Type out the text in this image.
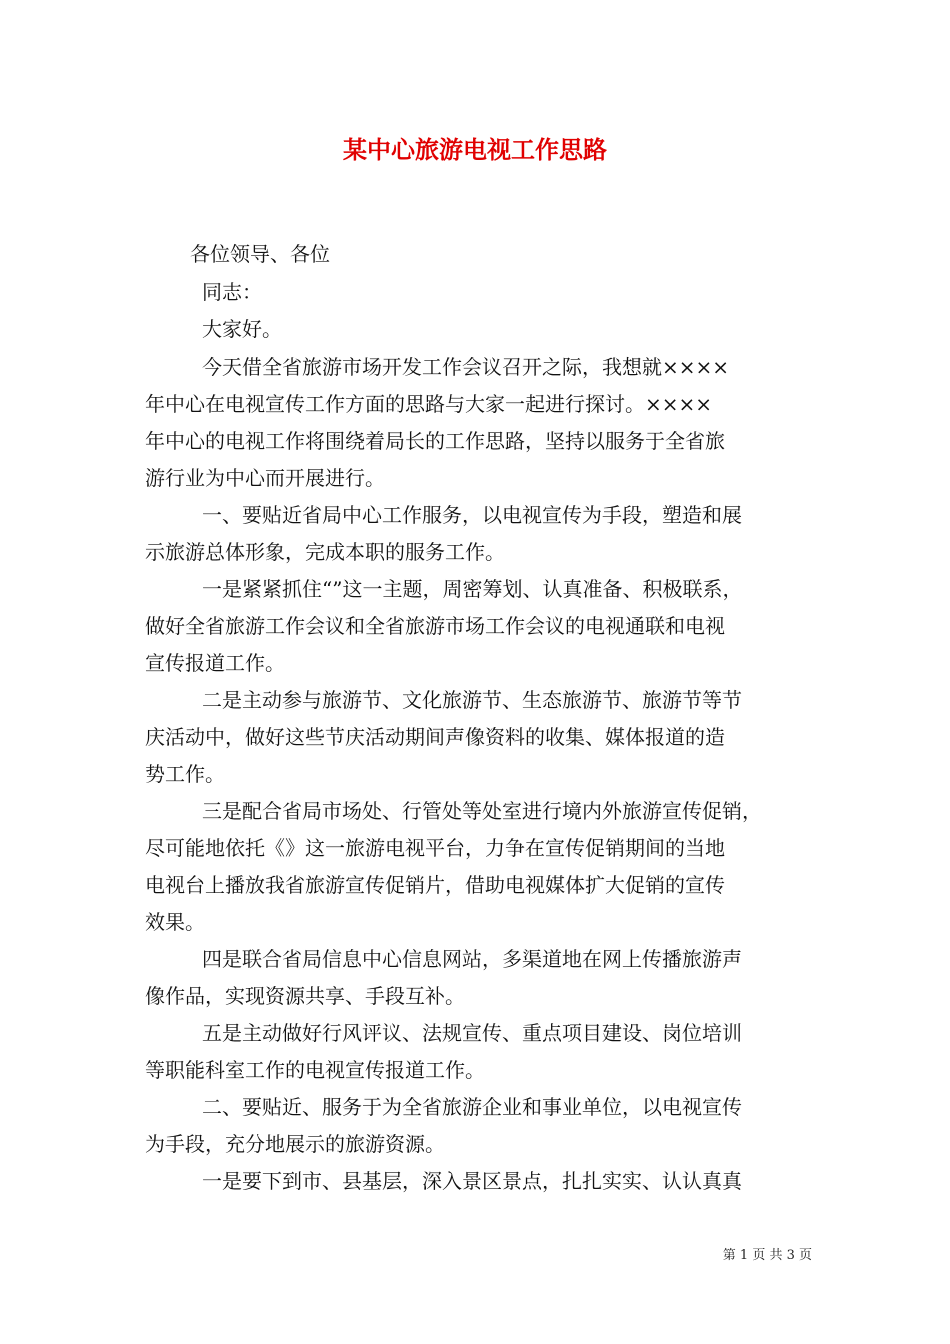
某中心旅游电视工作思路
各位领导、各位
同志：
大家好。
今天借全省旅游市场开发工作会议召开之际，我想就××××
年中心在电视宣传工作方面的思路与大家一起进行探讨。××××
年中心的电视工作将围绕着局长的工作思路，坚持以服务于全省旅
游行业为中心而开展进行。
一、要贴近省局中心工作服务，以电视宣传为手段，塑造和展
示旅游总体形象，完成本职的服务工作。
一是紧紧抓住“”这一主题，周密筹划、认真准备、积极联系，
做好全省旅游工作会议和全省旅游市场工作会议的电视通联和电视
宣传报道工作。
二是主动参与旅游节、文化旅游节、生态旅游节、旅游节等节
庆活动中，做好这些节庆活动期间声像资料的收集、媒体报道的造
势工作。
三是配合省局市场处、行管处等处室进行境内外旅游宣传促销，
尽可能地依托《》这一旅游电视平台，力争在宣传促销期间的当地
电视台上播放我省旅游宣传促销片，借助电视媒体扩大促销的宣传
效果。
四是联合省局信息中心信息网站，多渠道地在网上传播旅游声
像作品，实现资源共享、手段互补。
五是主动做好行风评议、法规宣传、重点项目建设、岗位培训
等职能科室工作的电视宣传报道工作。
二、要贴近、服务于为全省旅游企业和事业单位，以电视宣传
为手段，充分地展示的旅游资源。
一是要下到市、县基层，深入景区景点，扎扎实实、认认真真
第 1 页 共 3 页
